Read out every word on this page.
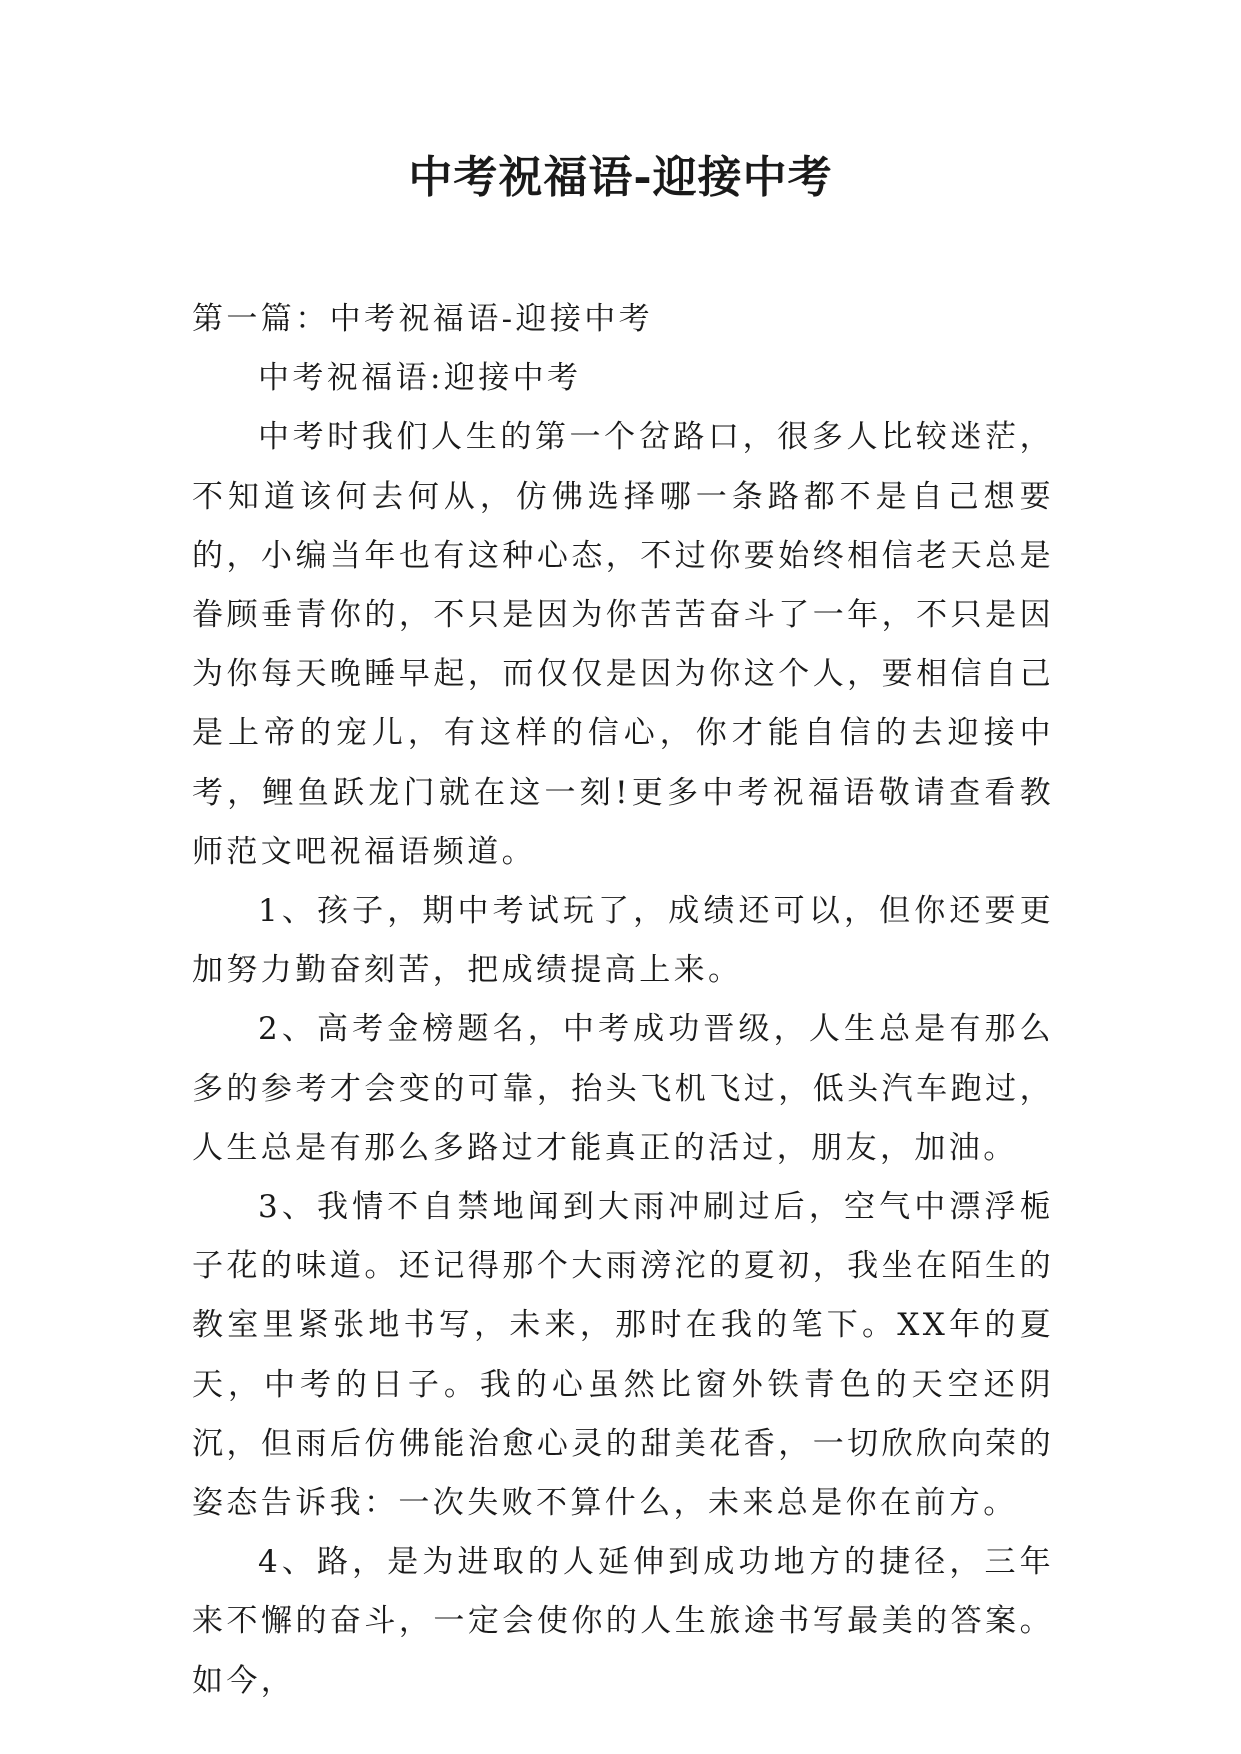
中考祝福语-迎接中考

第一篇：中考祝福语-迎接中考

中考祝福语:迎接中考

中考时我们人生的第一个岔路口，很多人比较迷茫，不知道该何去何从，仿佛选择哪一条路都不是自己想要的，小编当年也有这种心态，不过你要始终相信老天总是眷顾垂青你的，不只是因为你苦苦奋斗了一年，不只是因为你每天晚睡早起，而仅仅是因为你这个人，要相信自己是上帝的宠儿，有这样的信心，你才能自信的去迎接中考，鲤鱼跃龙门就在这一刻!更多中考祝福语敬请查看教师范文吧祝福语频道。

1、孩子，期中考试玩了，成绩还可以，但你还要更加努力勤奋刻苦，把成绩提高上来。

2、高考金榜题名，中考成功晋级，人生总是有那么多的参考才会变的可靠，抬头飞机飞过，低头汽车跑过，人生总是有那么多路过才能真正的活过，朋友，加油。

3、我情不自禁地闻到大雨冲刷过后，空气中漂浮栀子花的味道。还记得那个大雨滂沱的夏初，我坐在陌生的教室里紧张地书写，未来，那时在我的笔下。XX年的夏天，中考的日子。我的心虽然比窗外铁青色的天空还阴沉，但雨后仿佛能治愈心灵的甜美花香，一切欣欣向荣的姿态告诉我：一次失败不算什么，未来总是你在前方。

4、路，是为进取的人延伸到成功地方的捷径，三年来不懈的奋斗，一定会使你的人生旅途书写最美的答案。如今，
